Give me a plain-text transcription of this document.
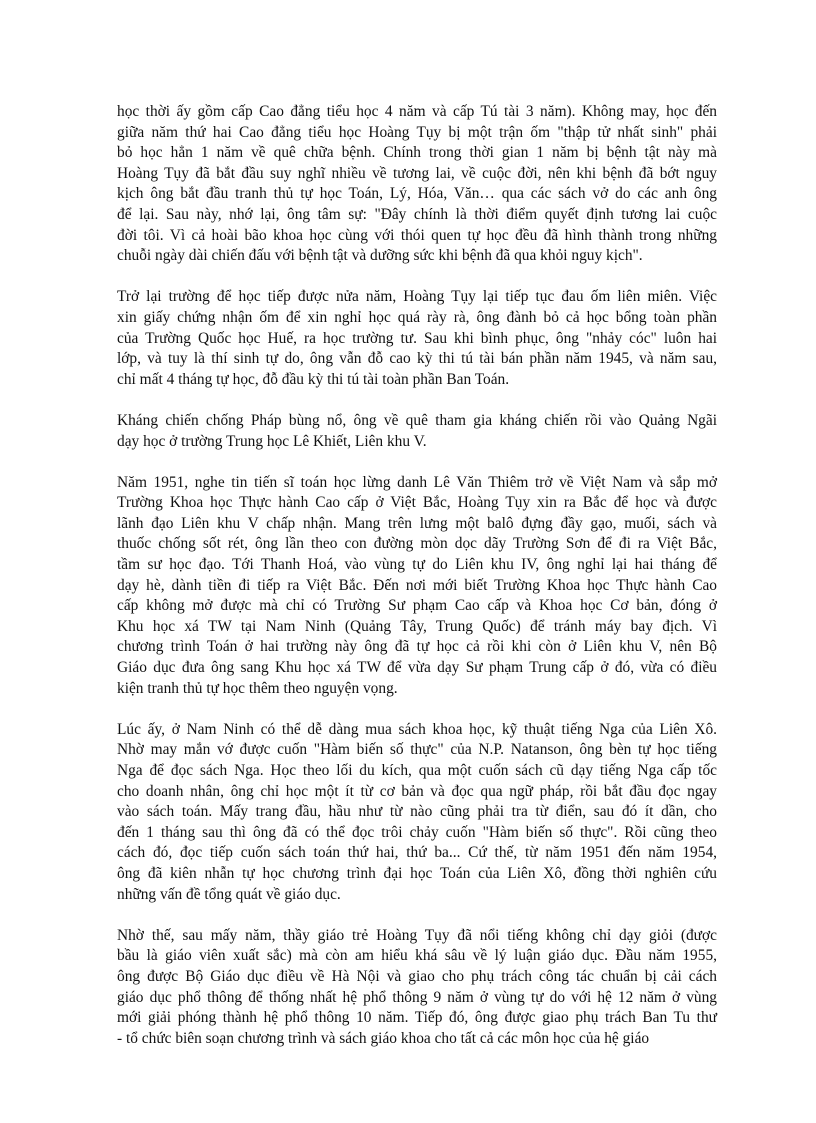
học thời ấy gồm cấp Cao đẳng tiểu học 4 năm và cấp Tú tài 3 năm). Không may, học đến
giữa năm thứ hai Cao đẳng tiểu học Hoàng Tụy bị một trận ốm "thập tử nhất sinh" phải
bỏ học hẳn 1 năm về quê chữa bệnh. Chính trong thời gian 1 năm bị bệnh tật này mà
Hoàng Tụy đã bắt đầu suy nghĩ nhiều về tương lai, về cuộc đời, nên khi bệnh đã bớt nguy
kịch ông bắt đầu tranh thủ tự học Toán, Lý, Hóa, Văn… qua các sách vở do các anh ông
để lại. Sau này, nhớ lại, ông tâm sự: "Đây chính là thời điểm quyết định tương lai cuộc
đời tôi. Vì cả hoài bão khoa học cùng với thói quen tự học đều đã hình thành trong những
chuỗi ngày dài chiến đấu với bệnh tật và dưỡng sức khi bệnh đã qua khỏi nguy kịch".

Trở lại trường để học tiếp được nửa năm, Hoàng Tụy lại tiếp tục đau ốm liên miên. Việc
xin giấy chứng nhận ốm để xin nghỉ học quá rày rà, ông đành bỏ cả học bổng toàn phần
của Trường Quốc học Huế, ra học trường tư. Sau khi bình phục, ông "nhảy cóc" luôn hai
lớp, và tuy là thí sinh tự do, ông vẫn đỗ cao kỳ thi tú tài bán phần năm 1945, và năm sau,
chỉ mất 4 tháng tự học, đỗ đầu kỳ thi tú tài toàn phần Ban Toán.

Kháng chiến chống Pháp bùng nổ, ông về quê tham gia kháng chiến rồi vào Quảng Ngãi
dạy học ở trường Trung học Lê Khiết, Liên khu V.

Năm 1951, nghe tin tiến sĩ toán học lừng danh Lê Văn Thiêm trở về Việt Nam và sắp mở
Trường Khoa học Thực hành Cao cấp ở Việt Bắc, Hoàng Tụy xin ra Bắc để học và được
lãnh đạo Liên khu V chấp nhận. Mang trên lưng một balô đựng đầy gạo, muối, sách và
thuốc chống sốt rét, ông lần theo con đường mòn dọc dãy Trường Sơn để đi ra Việt Bắc,
tầm sư học đạo. Tới Thanh Hoá, vào vùng tự do Liên khu IV, ông nghỉ lại hai tháng để
dạy hè, dành tiền đi tiếp ra Việt Bắc. Đến nơi mới biết Trường Khoa học Thực hành Cao
cấp không mở được mà chỉ có Trường Sư phạm Cao cấp và Khoa học Cơ bản, đóng ở
Khu học xá TW tại Nam Ninh (Quảng Tây, Trung Quốc) để tránh máy bay địch. Vì
chương trình Toán ở hai trường này ông đã tự học cả rồi khi còn ở Liên khu V, nên Bộ
Giáo dục đưa ông sang Khu học xá TW để vừa dạy Sư phạm Trung cấp ở đó, vừa có điều
kiện tranh thủ tự học thêm theo nguyện vọng.

Lúc ấy, ở Nam Ninh có thể dễ dàng mua sách khoa học, kỹ thuật tiếng Nga của Liên Xô.
Nhờ may mắn vớ được cuốn "Hàm biến số thực" của N.P. Natanson, ông bèn tự học tiếng
Nga để đọc sách Nga. Học theo lối du kích, qua một cuốn sách cũ dạy tiếng Nga cấp tốc
cho doanh nhân, ông chỉ học một ít từ cơ bản và đọc qua ngữ pháp, rồi bắt đầu đọc ngay
vào sách toán. Mấy trang đầu, hầu như từ nào cũng phải tra từ điển, sau đó ít dần, cho
đến 1 tháng sau thì ông đã có thể đọc trôi chảy cuốn "Hàm biến số thực". Rồi cũng theo
cách đó, đọc tiếp cuốn sách toán thứ hai, thứ ba... Cứ thế, từ năm 1951 đến năm 1954,
ông đã kiên nhẫn tự học chương trình đại học Toán của Liên Xô, đồng thời nghiên cứu
những vấn đề tổng quát về giáo dục.

Nhờ thế, sau mấy năm, thầy giáo trẻ Hoàng Tụy đã nổi tiếng không chỉ dạy giỏi (được
bầu là giáo viên xuất sắc) mà còn am hiểu khá sâu về lý luận giáo dục. Đầu năm 1955,
ông được Bộ Giáo dục điều về Hà Nội và giao cho phụ trách công tác chuẩn bị cải cách
giáo dục phổ thông để thống nhất hệ phổ thông 9 năm ở vùng tự do với hệ 12 năm ở vùng
mới giải phóng thành hệ phổ thông 10 năm. Tiếp đó, ông được giao phụ trách Ban Tu thư
- tổ chức biên soạn chương trình và sách giáo khoa cho tất cả các môn học của hệ giáo
